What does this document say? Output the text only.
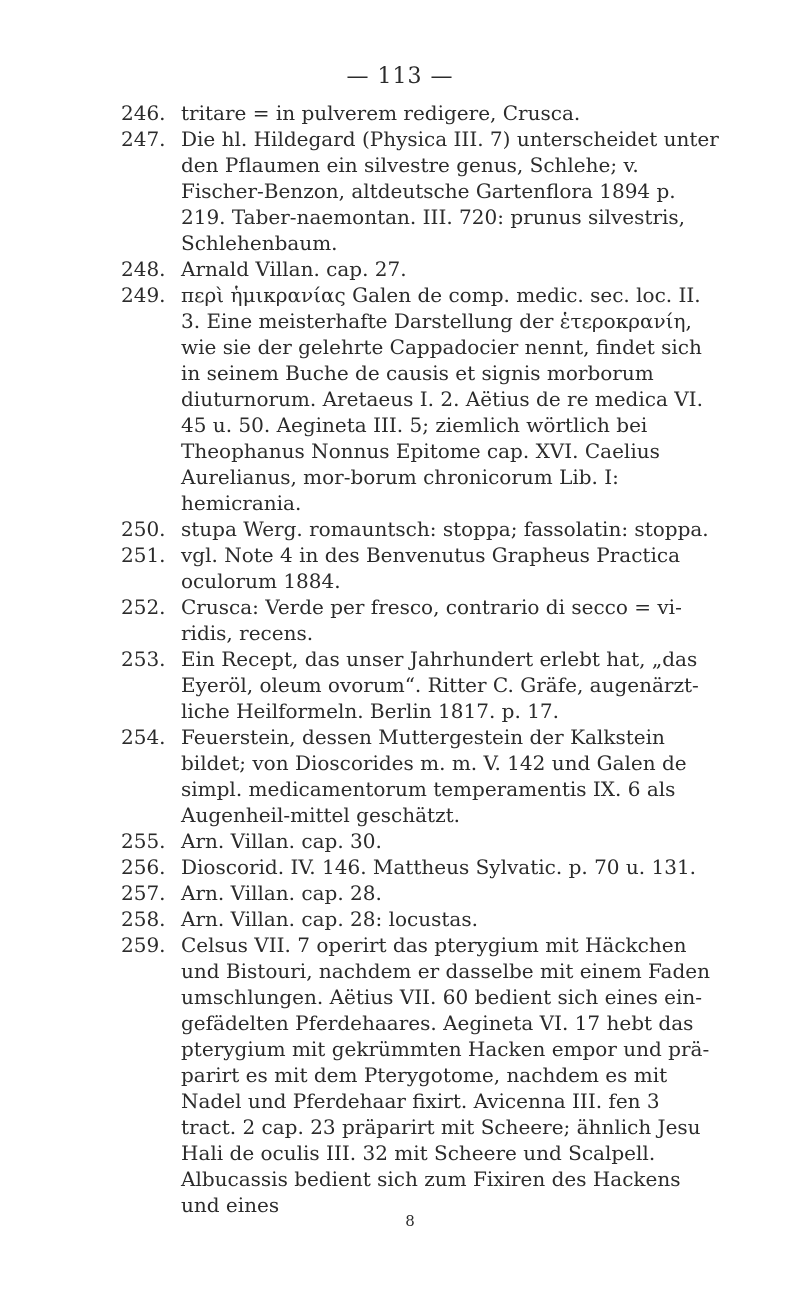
— 113 —
246. tritare = in pulverem redigere, Crusca.
247. Die hl. Hildegard (Physica III. 7) unterscheidet unter den Pflaumen ein silvestre genus, Schlehe; v. Fischer-Benzon, altdeutsche Gartenflora 1894 p. 219. Taber-naemontan. III. 720: prunus silvestris, Schlehenbaum.
248. Arnald Villan. cap. 27.
249. περὶ ἡμικρανίας Galen de comp. medic. sec. loc. II. 3. Eine meisterhafte Darstellung der ἑτεροκρανίη, wie sie der gelehrte Cappadocier nennt, findet sich in seinem Buche de causis et signis morborum diuturnorum. Aretaeus I. 2. Aëtius de re medica VI. 45 u. 50. Aegineta III. 5; ziemlich wörtlich bei Theophanus Nonnus Epitome cap. XVI. Caelius Aurelianus, mor-borum chronicorum Lib. I: hemicrania.
250. stupa Werg. romauntsch: stoppa; fassolatin: stoppa.
251. vgl. Note 4 in des Benvenutus Grapheus Practica oculorum 1884.
252. Crusca: Verde per fresco, contrario di secco = vi-ridis, recens.
253. Ein Recept, das unser Jahrhundert erlebt hat, „das Eyeröl, oleum ovorum“. Ritter C. Gräfe, augenärzt-liche Heilformeln. Berlin 1817. p. 17.
254. Feuerstein, dessen Muttergestein der Kalkstein bildet; von Dioscorides m. m. V. 142 und Galen de simpl. medicamentorum temperamentis IX. 6 als Augenheil-mittel geschätzt.
255. Arn. Villan. cap. 30.
256. Dioscorid. IV. 146. Mattheus Sylvatic. p. 70 u. 131.
257. Arn. Villan. cap. 28.
258. Arn. Villan. cap. 28: locustas.
259. Celsus VII. 7 operirt das pterygium mit Häckchen und Bistouri, nachdem er dasselbe mit einem Faden umschlungen. Aëtius VII. 60 bedient sich eines ein-gefädelten Pferdehaares. Aegineta VI. 17 hebt das pterygium mit gekrümmten Hacken empor und prä-parirt es mit dem Pterygotome, nachdem es mit Nadel und Pferdehaar fixirt. Avicenna III. fen 3 tract. 2 cap. 23 präparirt mit Scheere; ähnlich Jesu Hali de oculis III. 32 mit Scheere und Scalpell. Albucassis bedient sich zum Fixiren des Hackens und eines
8
